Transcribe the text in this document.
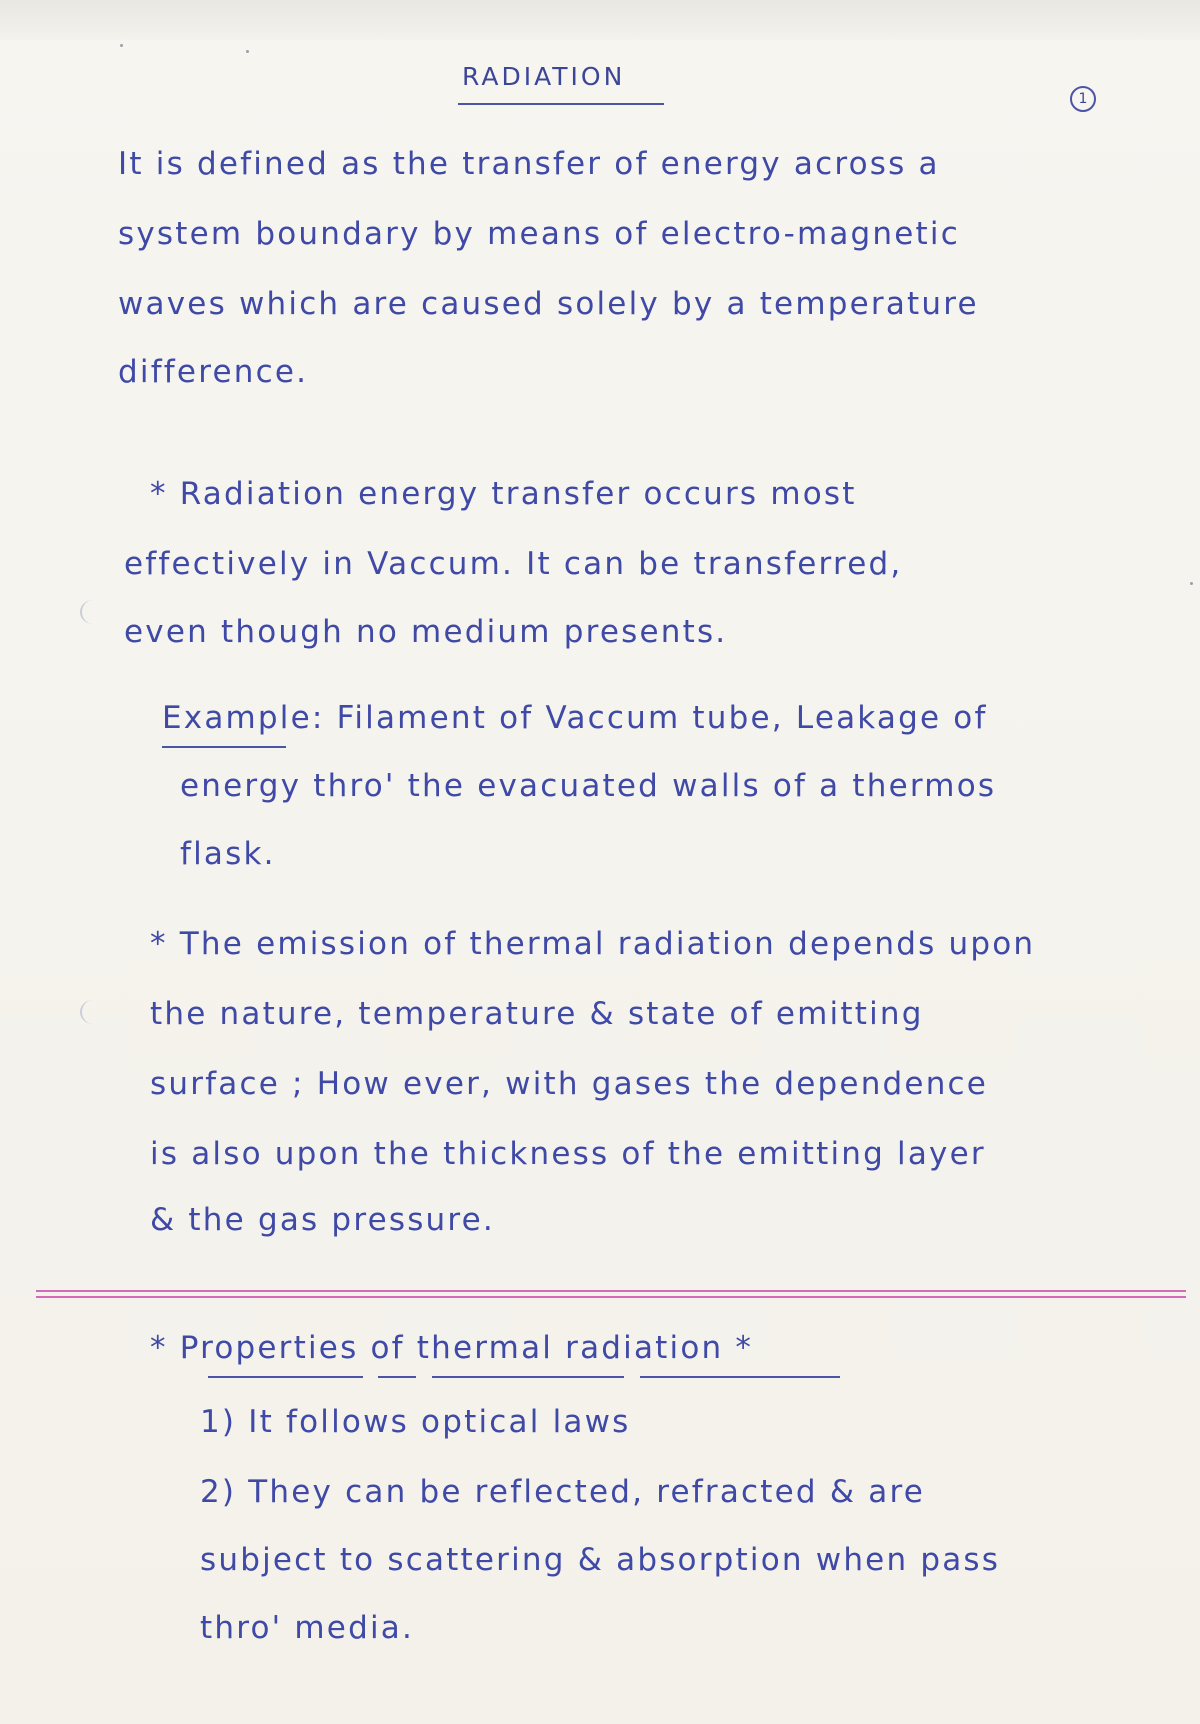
RADIATION
1
It is defined as the transfer of energy across a
system boundary by means of electro-magnetic
waves which are caused solely by a temperature
difference.
* Radiation energy transfer occurs most
effectively in Vaccum. It can be transferred,
even though no medium presents.
Example: Filament of Vaccum tube, Leakage of
energy thro' the evacuated walls of a thermos
flask.
* The emission of thermal radiation depends upon
the nature, temperature & state of emitting
surface ; How ever, with gases the dependence
is also upon the thickness of the emitting layer
& the gas pressure.
* Properties of thermal radiation *
1) It follows optical laws
2) They can be reflected, refracted & are
subject to scattering & absorption when pass
thro' media.
